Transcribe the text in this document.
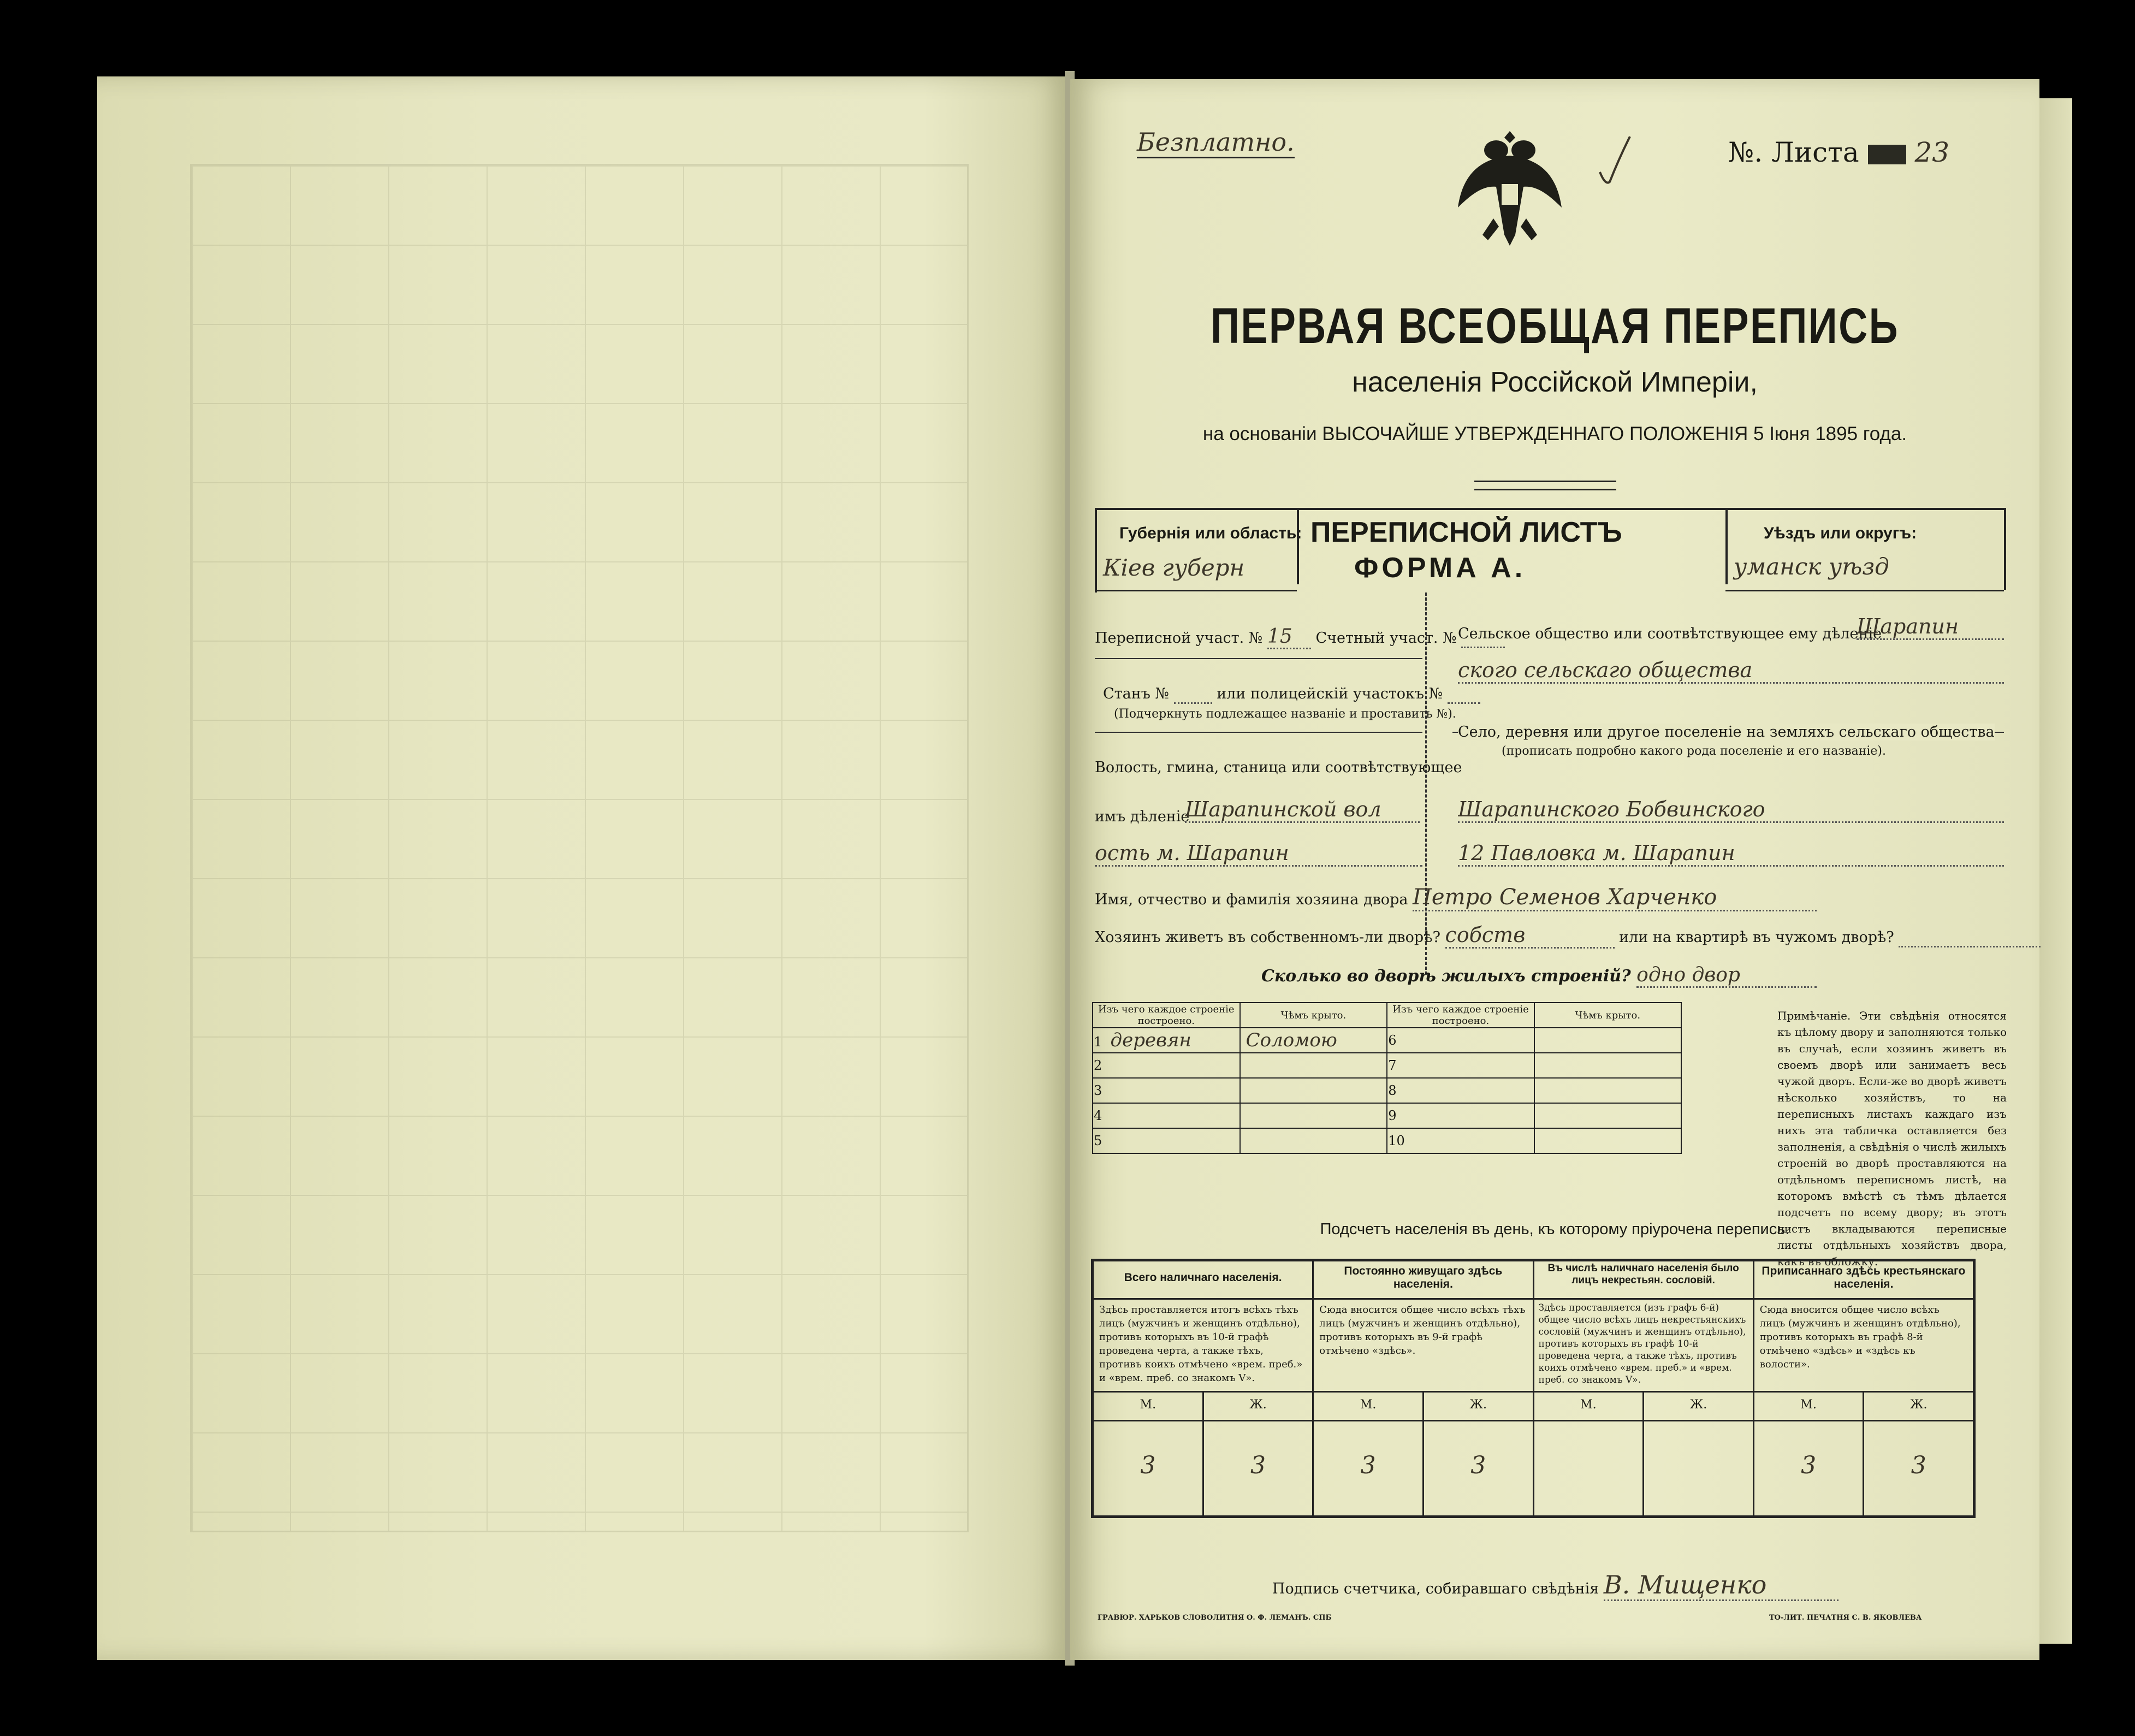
Безплатно.	№. Листа 23
ПЕРВАЯ ВСЕОБЩАЯ ПЕРЕПИСЬ
населенія Россійской Имперіи,
на основаніи ВЫСОЧАЙШЕ УТВЕРЖДЕННАГО ПОЛОЖЕНІЯ 5 Іюня 1895 года.
Губернія или область:
Кіев губерн
ПЕРЕПИСНОЙ ЛИСТЪ
ФОРМА А.
Уѣздъ или округъ:
уманск уѣзд
Переписной участ. № 15 Счетный участ. №
Станъ №	или полицейскій участокъ №
(Подчеркнуть подлежащее названіе и проставить №).
Волость, гмина, станица или соотвѣтствующее
имъ дѣленіе
Шарапинской вол
ость м. Шарапин
Сельское общество или соотвѣтствующее ему дѣленіе
Шарапин
ского сельскаго общества
Село, деревня или другое поселеніе на земляхъ сельскаго общества
(прописать подробно какого рода поселеніе и его названіе).
Шарапинского Бобвинского
12 Павловка м. Шарапин
Имя, отчество и фамилія хозяина двора Петро Семенов Харченко
Хозяинъ живетъ въ собственномъ-ли дворѣ? собств	или на квартирѣ въ чужомъ дворѣ?
Сколько во дворѣ жилыхъ строеній? одно двор
Изъ чего каждое строеніе построено.	Чѣмъ крыто.	Изъ чего каждое строеніе построено.	Чѣмъ крыто.
1 деревян	Соломою	6	
2		7	
3		8	
4		9	
5		10	
Примѣчаніе. Эти свѣдѣнія относятся къ цѣлому двору и заполняются только въ случаѣ, если хозяинъ живетъ въ своемъ дворѣ или занимаетъ весь чужой дворъ. Если-же во дворѣ живетъ нѣсколько хозяйствъ, то на переписныхъ листахъ каждаго изъ нихъ эта табличка оставляется без заполненія, а свѣдѣнія о числѣ жилыхъ строеній во дворѣ проставляются на отдѣльномъ переписномъ листѣ, на которомъ вмѣстѣ съ тѣмъ дѣлается подсчетъ по всему двору; въ этотъ листъ вкладываются переписные листы отдѣльныхъ хозяйствъ двора, какъ въ обложку.
Подсчетъ населенія въ день, къ которому пріурочена перепись.
Всего наличнаго населенія.
Здѣсь проставляется итогъ всѣхъ тѣхъ лицъ (мужчинъ и женщинъ отдѣльно), противъ которыхъ въ 10-й графѣ проведена черта, а также тѣхъ, противъ коихъ отмѣчено «врем. преб.» и «врем. преб. со знакомъ V».
М.	Ж.
3	3
Постоянно живущаго здѣсь населенія.
Сюда вносится общее число всѣхъ тѣхъ лицъ (мужчинъ и женщинъ отдѣльно), противъ которыхъ въ 9-й графѣ отмѣчено «здѣсь».
М.	Ж.
3	3
Въ числѣ наличнаго населенія было лицъ некрестьян. сословій.
Здѣсь проставляется (изъ графъ 6-й) общее число всѣхъ лицъ некрестьянскихъ сословій (мужчинъ и женщинъ отдѣльно), противъ которыхъ въ графѣ 10-й проведена черта, а также тѣхъ, противъ коихъ отмѣчено «врем. преб.» и «врем. преб. со знакомъ V».
М.	Ж.
Приписаннаго здѣсь крестьянскаго населенія.
Сюда вносится общее число всѣхъ лицъ (мужчинъ и женщинъ отдѣльно), противъ которыхъ въ графѣ 8-й отмѣчено «здѣсь» и «здѣсь къ волости».
М.	Ж.
3	3
Подпись счетчика, собиравшаго свѣдѣнія В. Мищенко
ГРАВЮР. ХАРЬКОВ СЛОВОЛИТНЯ О. Ф. ЛЕМАНЪ. СПБ	ТО-ЛИТ. ПЕЧАТНЯ С. В. ЯКОВЛЕВА
